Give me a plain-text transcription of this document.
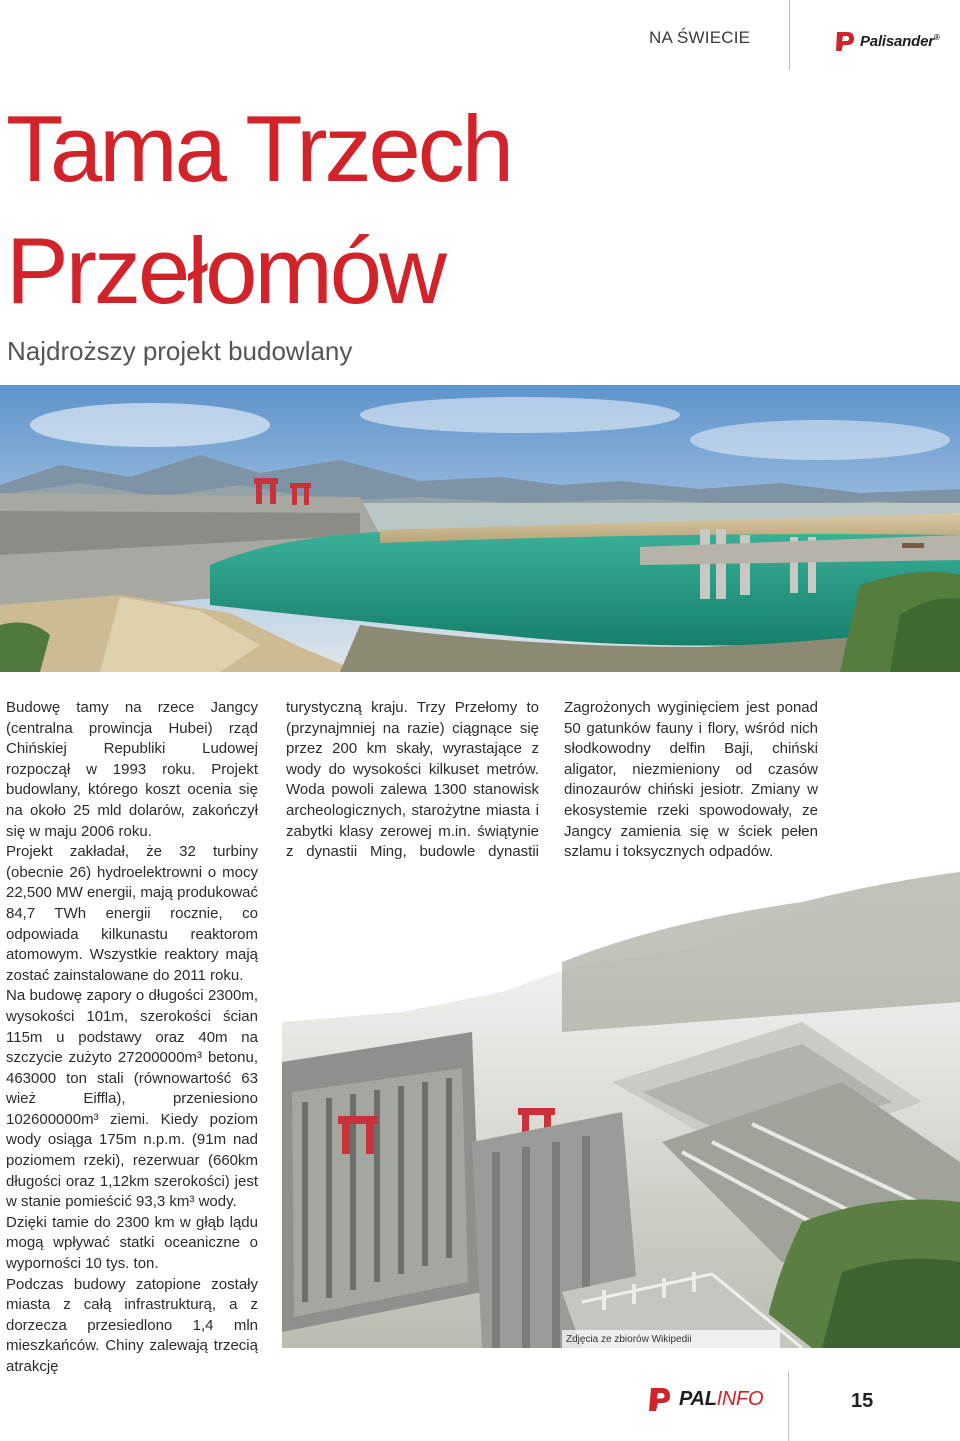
NA ŚWIECIE	Palisander®
Tama Trzech
Przełomów
Najdroższy projekt budowlany

Budowę tamy na rzece Jangcy (centralna prowincja Hubei) rząd Chińskiej Republiki Ludowej rozpoczął w 1993 roku. Projekt budowlany, którego koszt ocenia się na około 25 mld dolarów, zakończył się w maju 2006 roku.

Projekt zakładał, że 32 turbiny (obecnie 26) hydroelektrowni o mocy 22,500 MW energii, mają produkować 84,7 TWh energii rocznie, co odpowiada kilkunastu reaktorom atomowym. Wszystkie reaktory mają zostać zainstalowane do 2011 roku.

Na budowę zapory o długości 2300m, wysokości 101m, szerokości ścian 115m u podstawy oraz 40m na szczycie zużyto 27200000m³ betonu, 463000 ton stali (równowartość 63 wież Eiffla), przeniesiono 102600000m³ ziemi. Kiedy poziom wody osiąga 175m n.p.m. (91m nad poziomem rzeki), rezerwuar (660km długości oraz 1,12km szerokości) jest w stanie pomieścić 93,3 km³ wody.

Dzięki tamie do 2300 km w głąb lądu mogą wpływać statki oceaniczne o wyporności 10 tys. ton.

Podczas budowy zatopione zostały miasta z całą infrastrukturą, a z dorzecza przesiedlono 1,4 mln mieszkańców. Chiny zalewają trzecią atrakcję

turystyczną kraju. Trzy Przełomy to (przynajmniej na razie) ciągnące się przez 200 km skały, wyrastające z wody do wysokości kilkuset metrów. Woda powoli zalewa 1300 stanowisk archeologicznych, starożytne miasta i zabytki klasy zerowej m.in. świątynie z dynastii Ming, budowle dynastii

Zagrożonych wyginięciem jest ponad 50 gatunków fauny i flory, wśród nich słodkowodny delfin Baji, chiński aligator, niezmieniony od czasów dinozaurów chiński jesiotr. Zmiany w ekosystemie rzeki spowodowały, ze Jangcy zamienia się w ściek pełen szlamu i toksycznych odpadów.

Zdjęcia ze zbiorów Wikipedii
PALINFO	15
